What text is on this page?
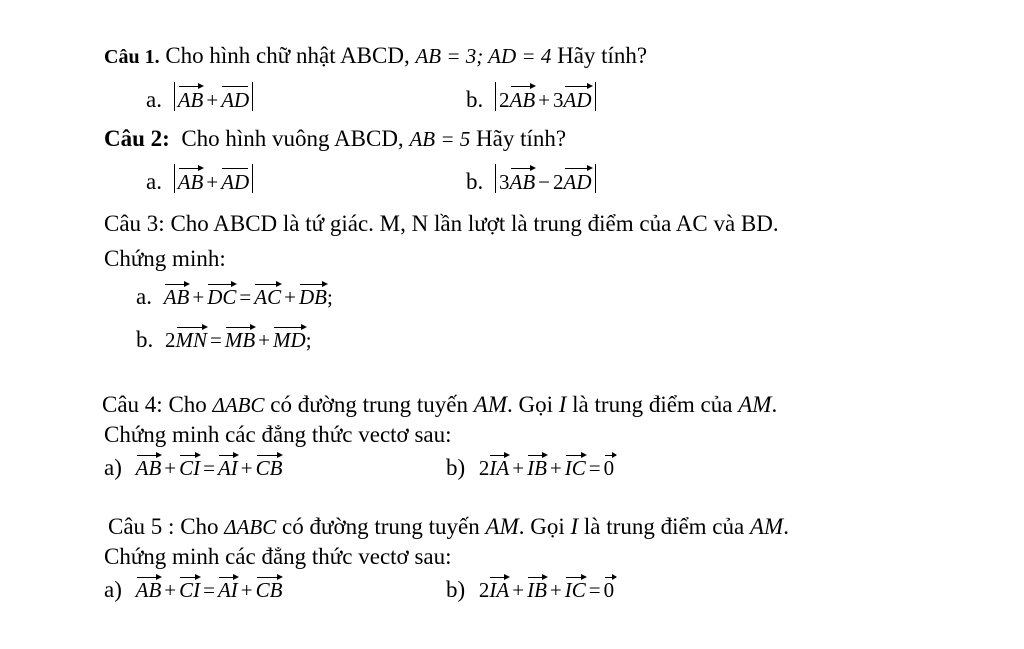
Câu 1. Cho hình chữ nhật ABCD, AB = 3; AD = 4 Hãy tính?
a. AB + AD	b. 2AB + 3AD
Câu 2:  Cho hình vuông ABCD, AB = 5 Hãy tính?
a. AB + AD	b. 3AB − 2AD
Câu 3: Cho ABCD là tứ giác. M, N lần lượt là trung điểm của AC và BD.
Chứng minh:
a. AB + DC = AC + DB;
b. 2MN = MB + MD;
Câu 4: Cho ΔABC có đường trung tuyến AM. Gọi I là trung điểm của AM.
Chứng minh các đẳng thức vectơ sau:
a) AB + CI = AI + CB	b) 2IA + IB + IC = 0
Câu 5 : Cho ΔABC có đường trung tuyến AM. Gọi I là trung điểm của AM.
Chứng minh các đẳng thức vectơ sau:
a) AB + CI = AI + CB	b) 2IA + IB + IC = 0
